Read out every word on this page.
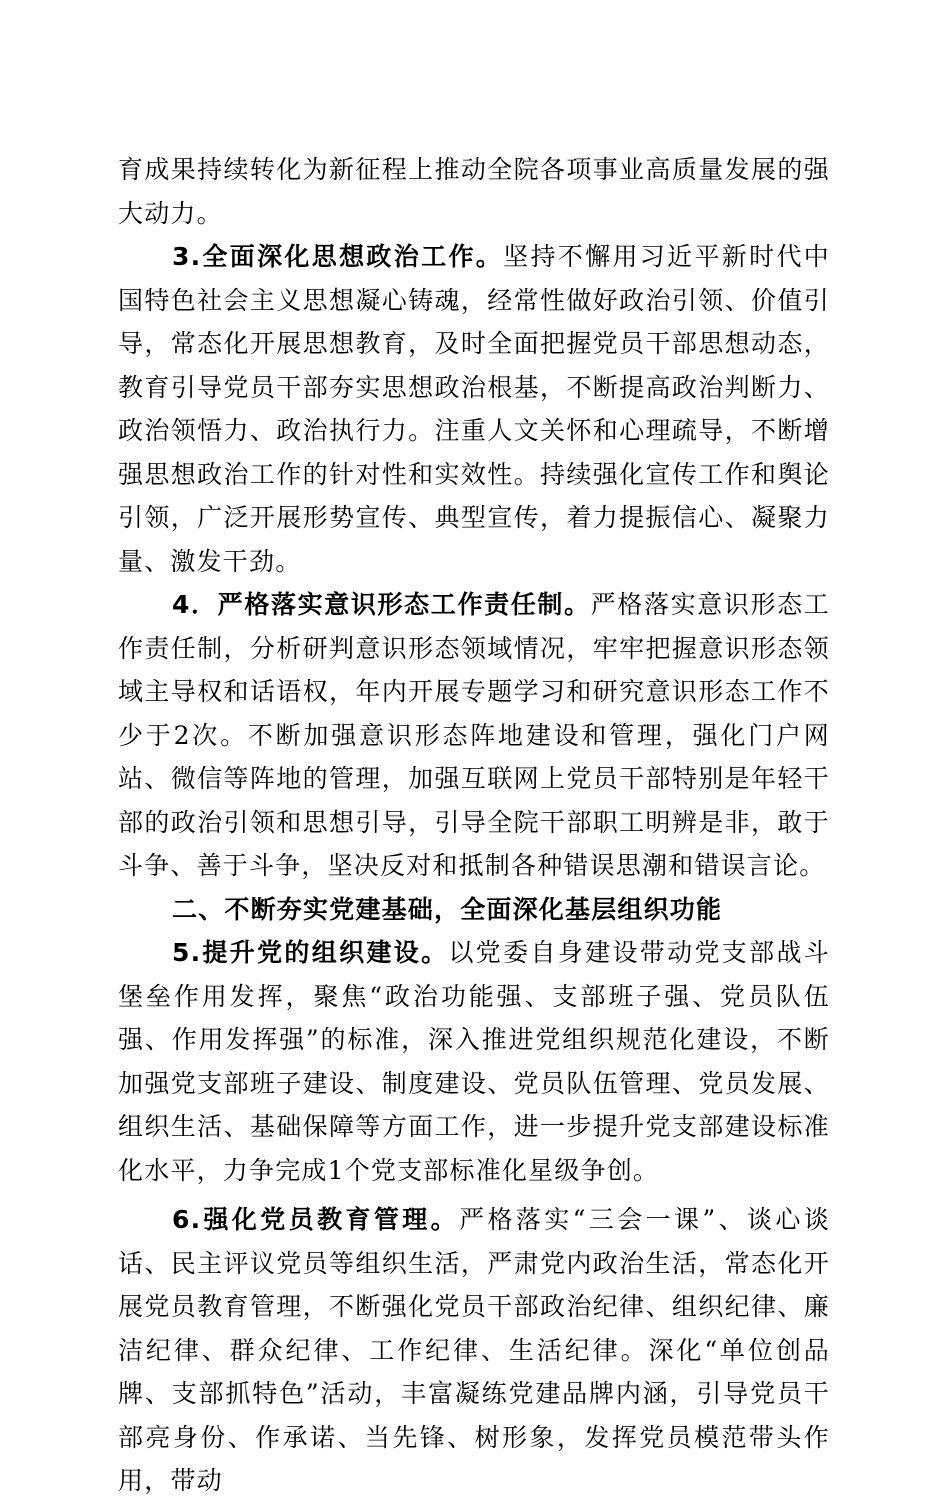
育成果持续转化为新征程上推动全院各项事业高质量发展的强大动力。

3.全面深化思想政治工作。坚持不懈用习近平新时代中国特色社会主义思想凝心铸魂，经常性做好政治引领、价值引导，常态化开展思想教育，及时全面把握党员干部思想动态，教育引导党员干部夯实思想政治根基，不断提高政治判断力、政治领悟力、政治执行力。注重人文关怀和心理疏导，不断增强思想政治工作的针对性和实效性。持续强化宣传工作和舆论引领，广泛开展形势宣传、典型宣传，着力提振信心、凝聚力量、激发干劲。

4．严格落实意识形态工作责任制。严格落实意识形态工作责任制，分析研判意识形态领域情况，牢牢把握意识形态领域主导权和话语权，年内开展专题学习和研究意识形态工作不少于2次。不断加强意识形态阵地建设和管理，强化门户网站、微信等阵地的管理，加强互联网上党员干部特别是年轻干部的政治引领和思想引导，引导全院干部职工明辨是非，敢于斗争、善于斗争，坚决反对和抵制各种错误思潮和错误言论。

二、不断夯实党建基础，全面深化基层组织功能

5.提升党的组织建设。以党委自身建设带动党支部战斗堡垒作用发挥，聚焦“政治功能强、支部班子强、党员队伍强、作用发挥强”的标准，深入推进党组织规范化建设，不断加强党支部班子建设、制度建设、党员队伍管理、党员发展、组织生活、基础保障等方面工作，进一步提升党支部建设标准化水平，力争完成1个党支部标准化星级争创。

6.强化党员教育管理。严格落实“三会一课”、谈心谈话、民主评议党员等组织生活，严肃党内政治生活，常态化开展党员教育管理，不断强化党员干部政治纪律、组织纪律、廉洁纪律、群众纪律、工作纪律、生活纪律。深化“单位创品牌、支部抓特色”活动，丰富凝练党建品牌内涵，引导党员干部亮身份、作承诺、当先锋、树形象，发挥党员模范带头作用，带动
